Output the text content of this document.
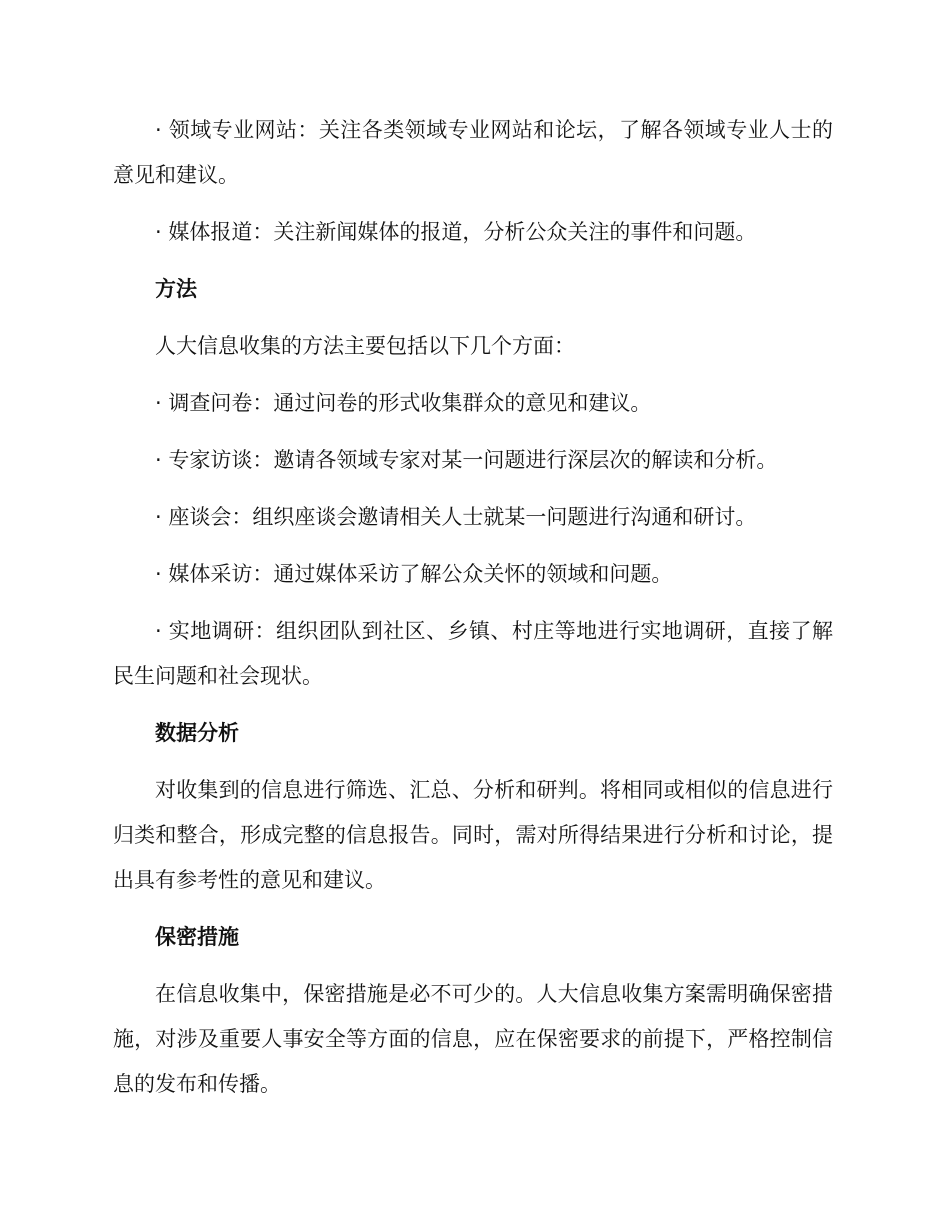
· 领域专业网站：关注各类领域专业网站和论坛，了解各领域专业人士的意见和建议。

· 媒体报道：关注新闻媒体的报道，分析公众关注的事件和问题。

方法

人大信息收集的方法主要包括以下几个方面：

· 调查问卷：通过问卷的形式收集群众的意见和建议。

· 专家访谈：邀请各领域专家对某一问题进行深层次的解读和分析。

· 座谈会：组织座谈会邀请相关人士就某一问题进行沟通和研讨。

· 媒体采访：通过媒体采访了解公众关怀的领域和问题。

· 实地调研：组织团队到社区、乡镇、村庄等地进行实地调研，直接了解民生问题和社会现状。

数据分析

对收集到的信息进行筛选、汇总、分析和研判。将相同或相似的信息进行归类和整合，形成完整的信息报告。同时，需对所得结果进行分析和讨论，提出具有参考性的意见和建议。

保密措施

在信息收集中，保密措施是必不可少的。人大信息收集方案需明确保密措施，对涉及重要人事安全等方面的信息，应在保密要求的前提下，严格控制信息的发布和传播。
